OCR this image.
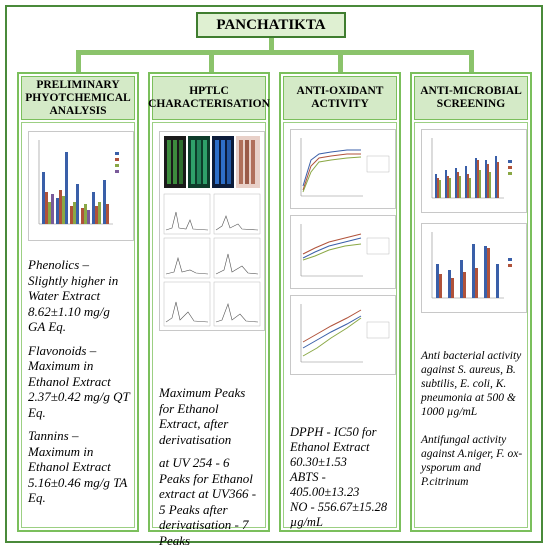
PANCHATIKTA
PRELIMINARY PHYOTCHEMICAL ANALYSIS

Phenolics – Slightly higher in Water Extract 8.62±1.10 mg/g GA Eq.

Flavonoids – Maximum in Ethanol Extract 2.37±0.42 mg/g QT Eq.

Tannins – Maximum in Ethanol Extract 5.16±0.46 mg/g TA Eq.

HPTLC CHARACTERISATION

Maximum Peaks for Ethanol Extract, after derivatisation

at UV 254 - 6 Peaks for Ethanol extract at UV366 - 5 Peaks after derivatisation - 7 Peaks

ANTI-OXIDANT ACTIVITY

DPPH - IC50 for Ethanol Extract 60.30±1.53

ABTS - 405.00±13.23

NO - 556.67±15.28 µg/mL

ANTI-MICROBIAL SCREENING

Anti bacterial activity against S. aureus, B. subtilis, E. coli, K. pneumonia at 500 & 1000 µg/mL

Antifungal activity against A.niger, F. ox-ysporum and P.citrinum
